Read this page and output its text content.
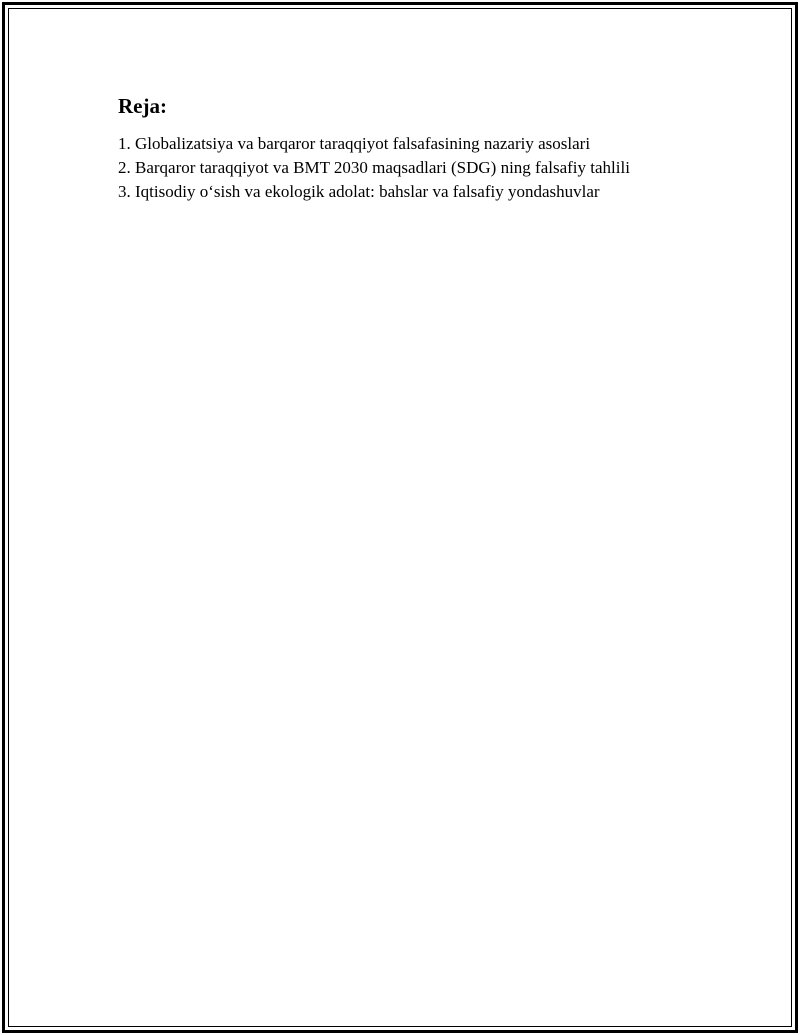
Reja:
1. Globalizatsiya va barqaror taraqqiyot falsafasining nazariy asoslari
2. Barqaror taraqqiyot va BMT 2030 maqsadlari (SDG) ning falsafiy tahlili
3. Iqtisodiy o‘sish va ekologik adolat: bahslar va falsafiy yondashuvlar
